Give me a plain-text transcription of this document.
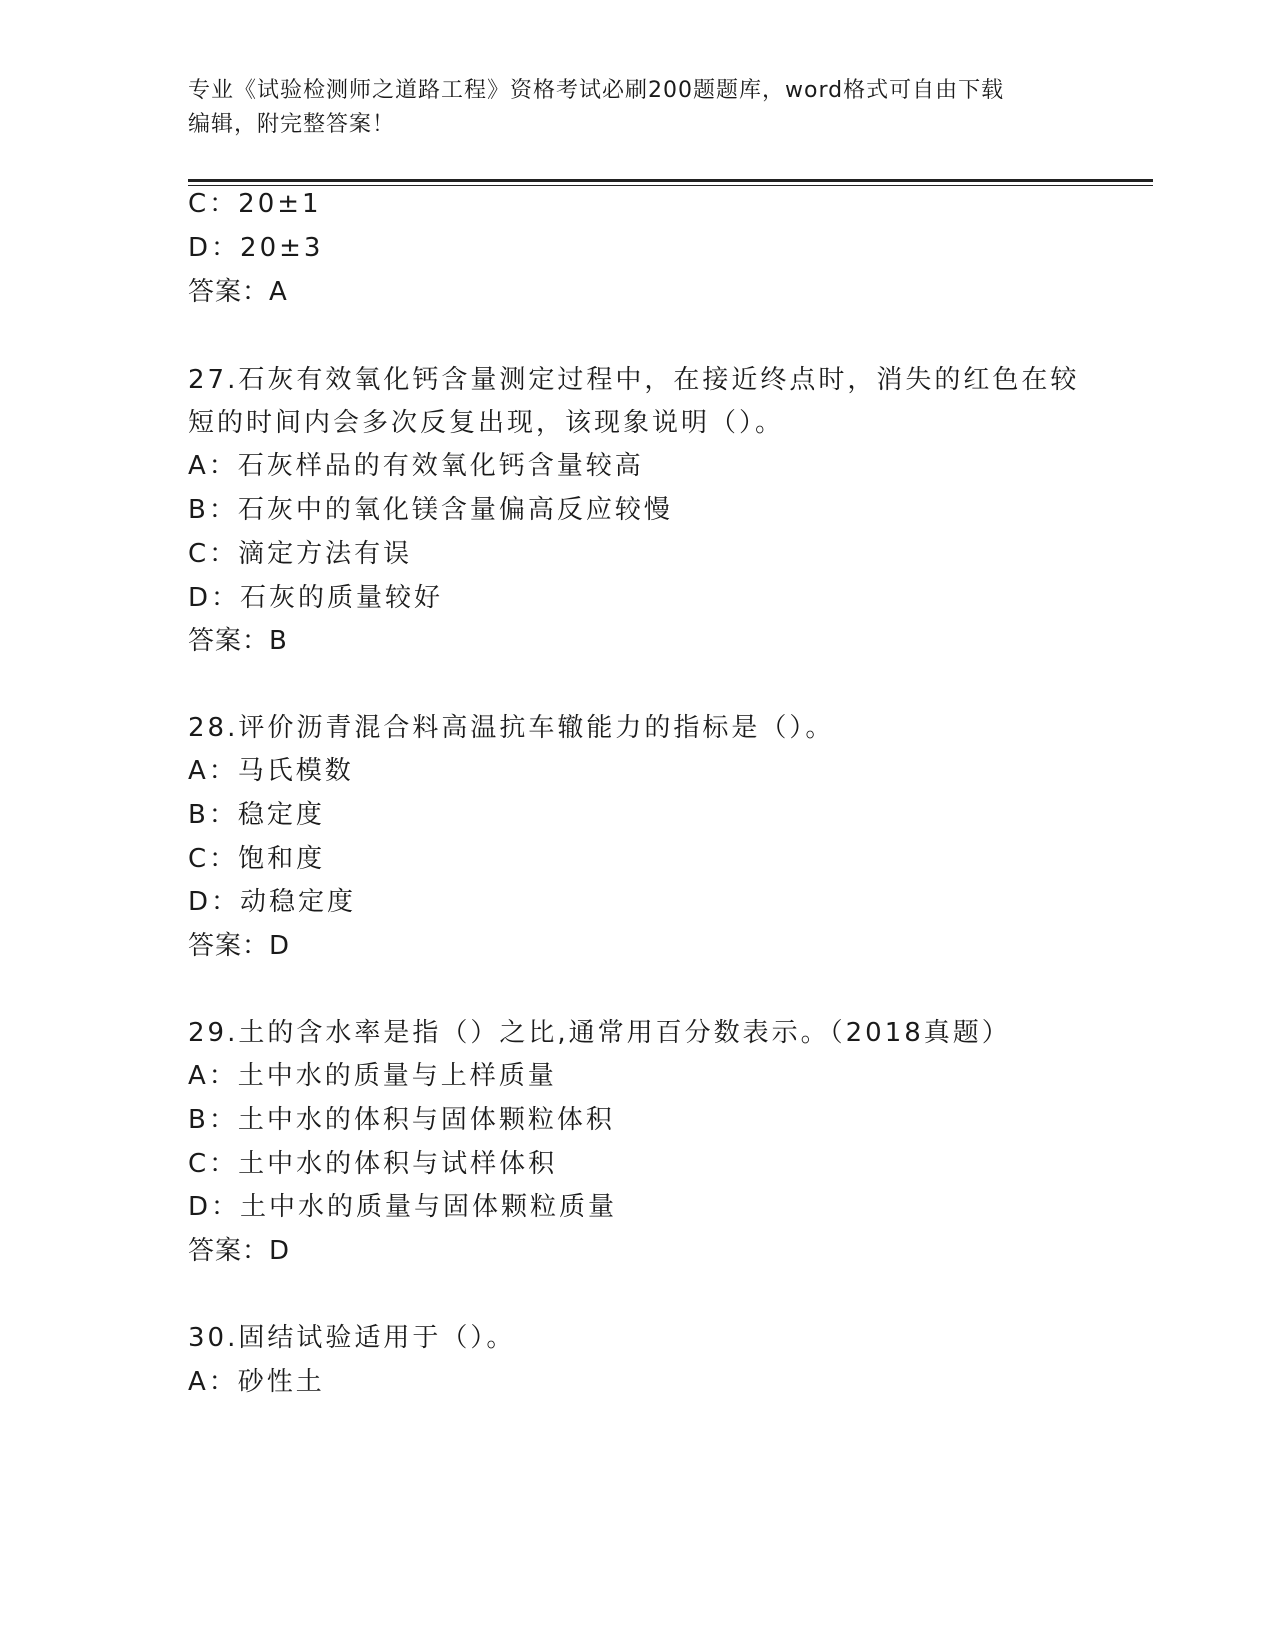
专业《试验检测师之道路工程》资格考试必刷200题题库，word格式可自由下载
编辑，附完整答案！
C：20±1
D：20±3
答案：A
27.石灰有效氧化钙含量测定过程中，在接近终点时，消失的红色在较
短的时间内会多次反复出现，该现象说明（）。
A：石灰样品的有效氧化钙含量较高
B：石灰中的氧化镁含量偏高反应较慢
C：滴定方法有误
D：石灰的质量较好
答案：B
28.评价沥青混合料高温抗车辙能力的指标是（）。
A：马氏模数
B：稳定度
C：饱和度
D：动稳定度
答案：D
29.土的含水率是指（）之比,通常用百分数表示。（2018真题）
A：土中水的质量与上样质量
B：土中水的体积与固体颗粒体积
C：土中水的体积与试样体积
D：土中水的质量与固体颗粒质量
答案：D
30.固结试验适用于（）。
A：砂性土
